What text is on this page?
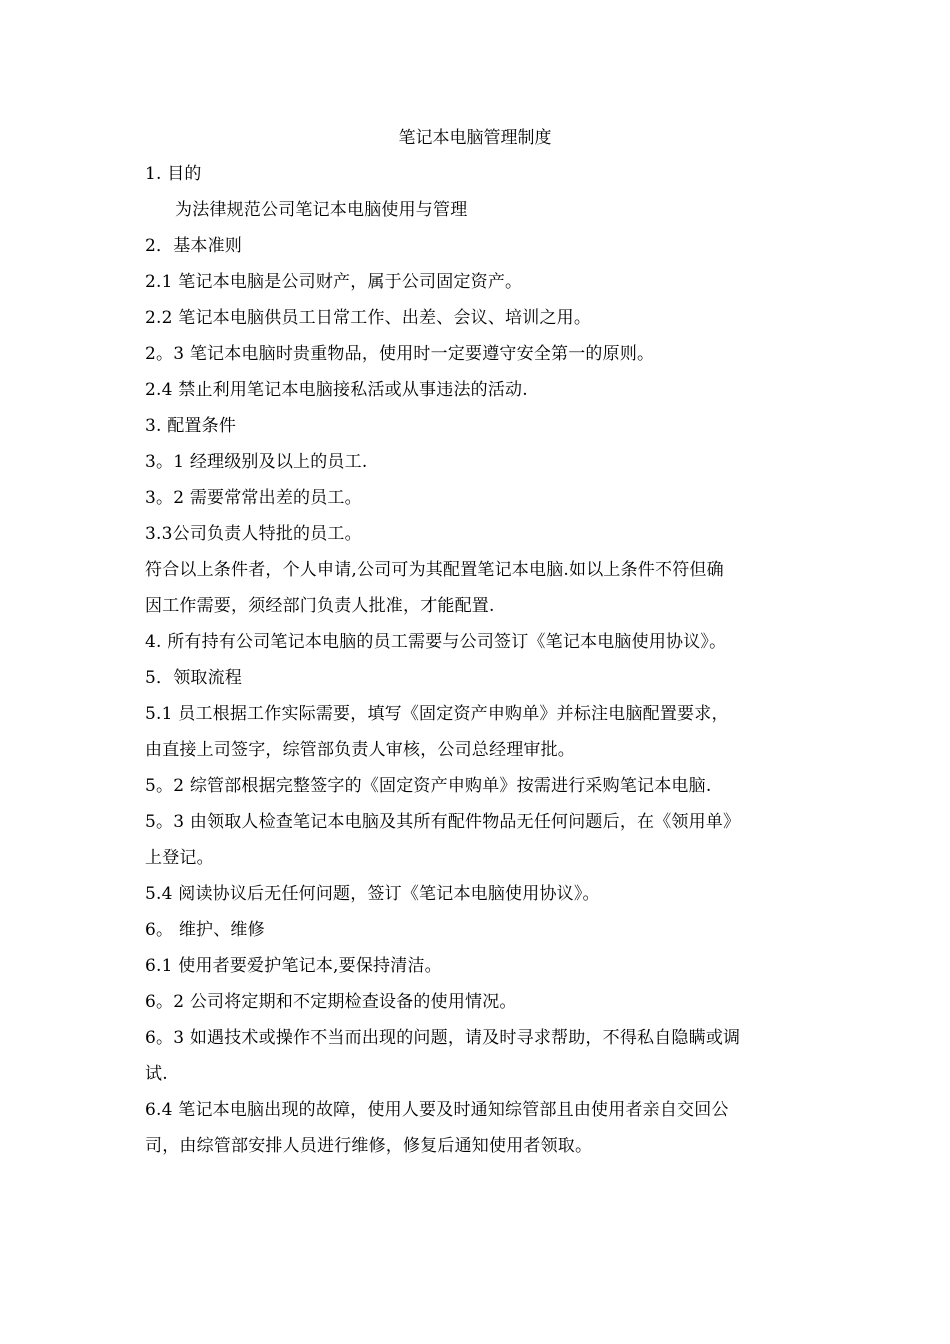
笔记本电脑管理制度
1. 目的
为法律规范公司笔记本电脑使用与管理
2．基本准则
2.1 笔记本电脑是公司财产，属于公司固定资产。
2.2 笔记本电脑供员工日常工作、出差、会议、培训之用。
2。3 笔记本电脑时贵重物品，使用时一定要遵守安全第一的原则。
2.4 禁止利用笔记本电脑接私活或从事违法的活动.
3. 配置条件
3。1 经理级别及以上的员工.
3。2 需要常常出差的员工。
3.3公司负责人特批的员工。
符合以上条件者，个人申请,公司可为其配置笔记本电脑.如以上条件不符但确
因工作需要，须经部门负责人批准，才能配置.
4. 所有持有公司笔记本电脑的员工需要与公司签订《笔记本电脑使用协议》。
5．领取流程
5.1 员工根据工作实际需要，填写《固定资产申购单》并标注电脑配置要求，
由直接上司签字，综管部负责人审核，公司总经理审批。
5。2 综管部根据完整签字的《固定资产申购单》按需进行采购笔记本电脑.
5。3 由领取人检查笔记本电脑及其所有配件物品无任何问题后，在《领用单》
上登记。
5.4 阅读协议后无任何问题，签订《笔记本电脑使用协议》。
6。 维护、维修
6.1 使用者要爱护笔记本,要保持清洁。
6。2 公司将定期和不定期检查设备的使用情况。
6。3 如遇技术或操作不当而出现的问题，请及时寻求帮助，不得私自隐瞒或调
试.
6.4 笔记本电脑出现的故障，使用人要及时通知综管部且由使用者亲自交回公
司，由综管部安排人员进行维修，修复后通知使用者领取。
